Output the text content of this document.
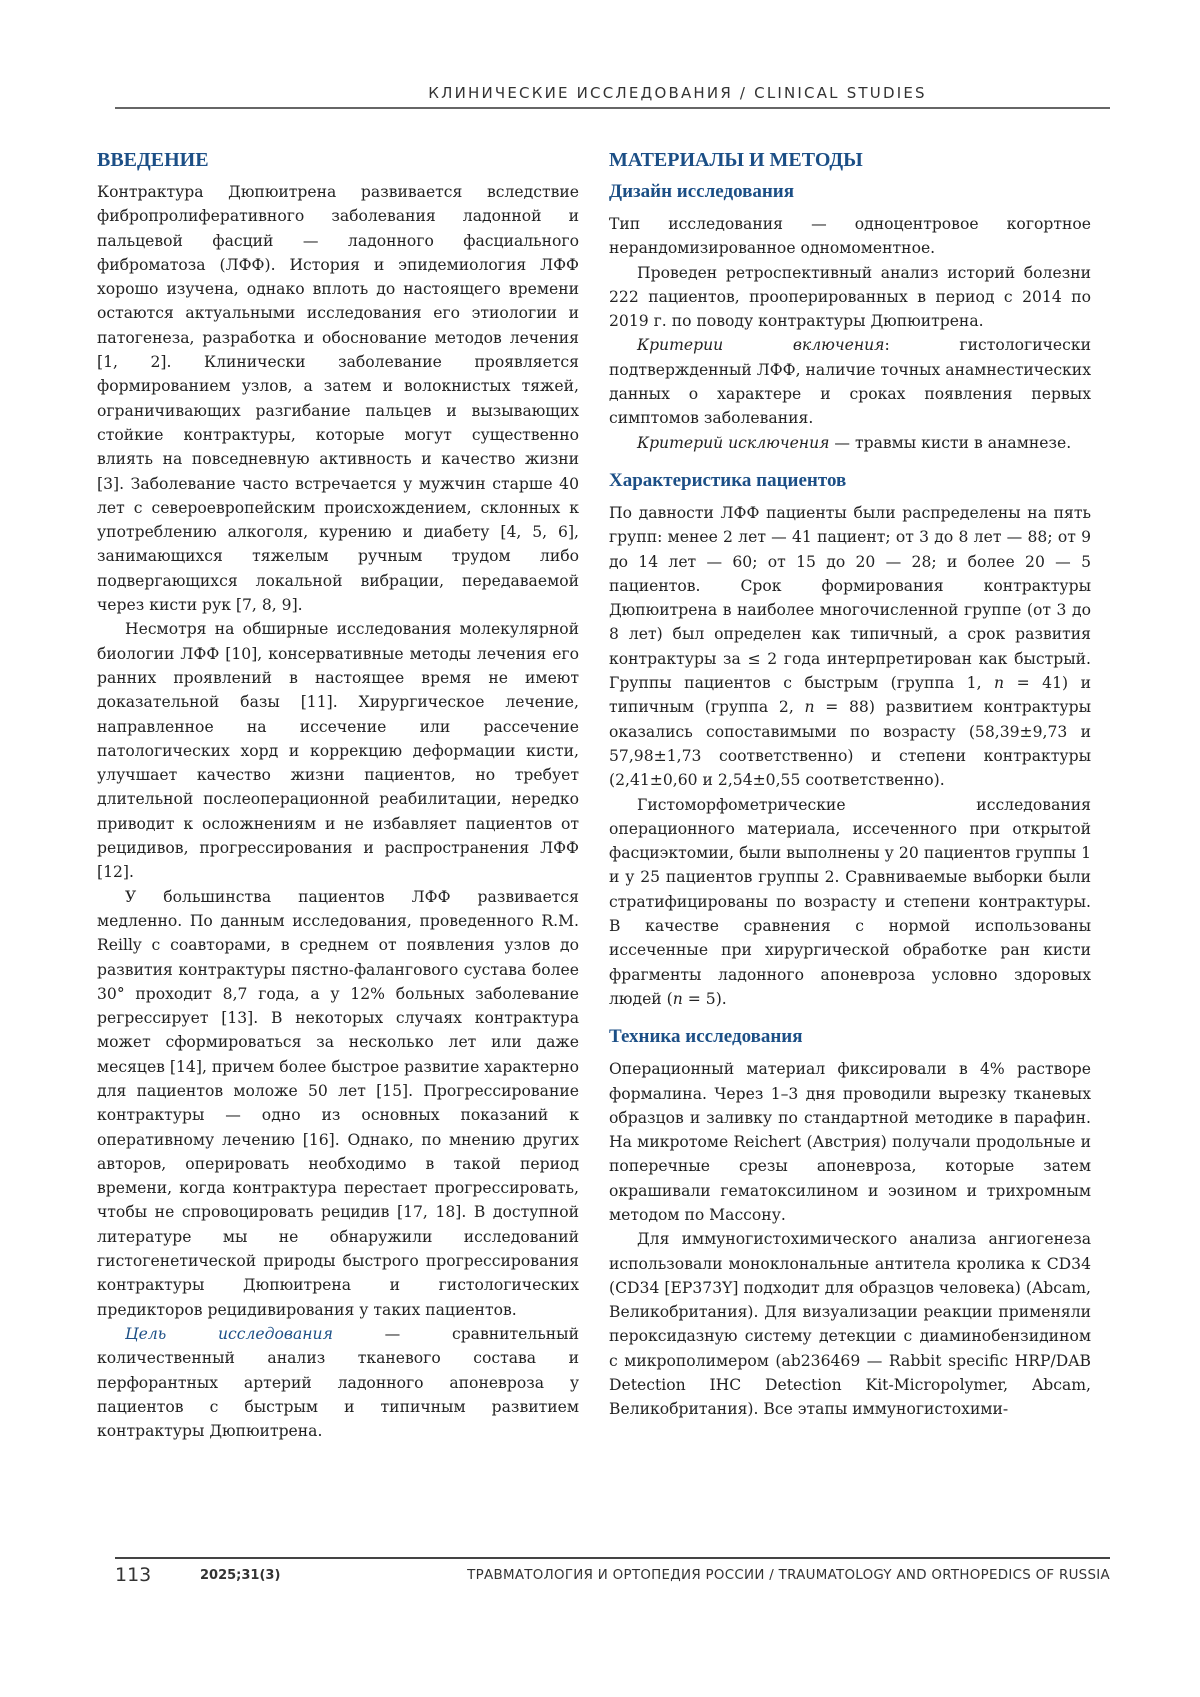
КЛИНИЧЕСКИЕ ИССЛЕДОВАНИЯ / CLINICAL STUDIES
ВВЕДЕНИЕ

Контрактура Дюпюитрена развивается вследствие фибропролиферативного заболевания ладонной и пальцевой фасций — ладонного фасциального фиброматоза (ЛФФ). История и эпидемиология ЛФФ хорошо изучена, однако вплоть до настоящего времени остаются актуальными исследования его этиологии и патогенеза, разработка и обоснование методов лечения [1, 2]. Клинически заболевание проявляется формированием узлов, а затем и волокнистых тяжей, ограничивающих разгибание пальцев и вызывающих стойкие контрактуры, которые могут существенно влиять на повседневную активность и качество жизни [3]. Заболевание часто встречается у мужчин старше 40 лет с североевропейским происхождением, склонных к употреблению алкоголя, курению и диабету [4, 5, 6], занимающихся тяжелым ручным трудом либо подвергающихся локальной вибрации, передаваемой через кисти рук [7, 8, 9].

Несмотря на обширные исследования молекулярной биологии ЛФФ [10], консервативные методы лечения его ранних проявлений в настоящее время не имеют доказательной базы [11]. Хирургическое лечение, направленное на иссечение или рассечение патологических хорд и коррекцию деформации кисти, улучшает качество жизни пациентов, но требует длительной послеоперационной реабилитации, нередко приводит к осложнениям и не избавляет пациентов от рецидивов, прогрессирования и распространения ЛФФ [12].

У большинства пациентов ЛФФ развивается медленно. По данным исследования, проведенного R.M. Reilly с соавторами, в среднем от появления узлов до развития контрактуры пястно-фалангового сустава более 30° проходит 8,7 года, а у 12% больных заболевание регрессирует [13]. В некоторых случаях контрактура может сформироваться за несколько лет или даже месяцев [14], причем более быстрое развитие характерно для пациентов моложе 50 лет [15]. Прогрессирование контрактуры — одно из основных показаний к оперативному лечению [16]. Однако, по мнению других авторов, оперировать необходимо в такой период времени, когда контрактура перестает прогрессировать, чтобы не спровоцировать рецидив [17, 18]. В доступной литературе мы не обнаружили исследований гистогенетической природы быстрого прогрессирования контрактуры Дюпюитрена и гистологических предикторов рецидивирования у таких пациентов.

Цель исследования — сравнительный количественный анализ тканевого состава и перфорантных артерий ладонного апоневроза у пациентов с быстрым и типичным развитием контрактуры Дюпюитрена.

МАТЕРИАЛЫ И МЕТОДЫ
Дизайн исследования

Тип исследования — одноцентровое когортное нерандомизированное одномоментное.

Проведен ретроспективный анализ историй болезни 222 пациентов, прооперированных в период с 2014 по 2019 г. по поводу контрактуры Дюпюитрена.

Критерии включения: гистологически подтвержденный ЛФФ, наличие точных анамнестических данных о характере и сроках появления первых симптомов заболевания.

Критерий исключения — травмы кисти в анамнезе.

Характеристика пациентов

По давности ЛФФ пациенты были распределены на пять групп: менее 2 лет — 41 пациент; от 3 до 8 лет — 88; от 9 до 14 лет — 60; от 15 до 20 — 28; и более 20 — 5 пациентов. Срок формирования контрактуры Дюпюитрена в наиболее многочисленной группе (от 3 до 8 лет) был определен как типичный, а срок развития контрактуры за ≤ 2 года интерпретирован как быстрый. Группы пациентов с быстрым (группа 1, n = 41) и типичным (группа 2, n = 88) развитием контрактуры оказались сопоставимыми по возрасту (58,39±9,73 и 57,98±1,73 соответственно) и степени контрактуры (2,41±0,60 и 2,54±0,55 соответственно).

Гистоморфометрические исследования операционного материала, иссеченного при открытой фасциэктомии, были выполнены у 20 пациентов группы 1 и у 25 пациентов группы 2. Сравниваемые выборки были стратифицированы по возрасту и степени контрактуры. В качестве сравнения с нормой использованы иссеченные при хирургической обработке ран кисти фрагменты ладонного апоневроза условно здоровых людей (n = 5).

Техника исследования

Операционный материал фиксировали в 4% растворе формалина. Через 1–3 дня проводили вырезку тканевых образцов и заливку по стандартной методике в парафин. На микротоме Reichert (Австрия) получали продольные и поперечные срезы апоневроза, которые затем окрашивали гематоксилином и эозином и трихромным методом по Массону.

Для иммуногистохимического анализа ангиогенеза использовали моноклональные антитела кролика к CD34 (CD34 [EP373Y] подходит для образцов человека) (Abcam, Великобритания). Для визуализации реакции применяли пероксидазную систему детекции с диаминобензидином с микрополимером (ab236469 — Rabbit specific HRP/DAB Detection IHC Detection Kit-Micropolymer, Abcam, Великобритания). Все этапы иммуногистохими-

113	2025;31(3)	ТРАВМАТОЛОГИЯ И ОРТОПЕДИЯ РОССИИ / TRAUMATOLOGY AND ORTHOPEDICS OF RUSSIA
